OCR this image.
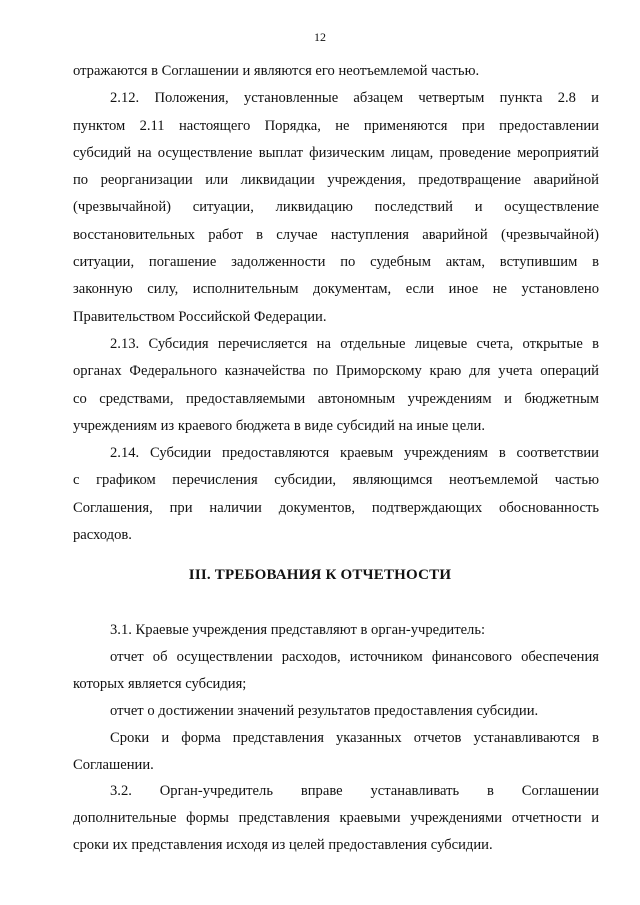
12
отражаются в Соглашении и являются его неотъемлемой частью.
2.12. Положения, установленные абзацем четвертым пункта 2.8 и
пунктом 2.11 настоящего Порядка, не применяются при предоставлении
субсидий на осуществление выплат физическим лицам, проведение мероприятий
по реорганизации или ликвидации учреждения, предотвращение аварийной
(чрезвычайной) ситуации, ликвидацию последствий и осуществление
восстановительных работ в случае наступления аварийной (чрезвычайной)
ситуации, погашение задолженности по судебным актам, вступившим в
законную силу, исполнительным документам, если иное не установлено
Правительством Российской Федерации.
2.13. Субсидия перечисляется на отдельные лицевые счета, открытые в
органах Федерального казначейства по Приморскому краю для учета операций
со средствами, предоставляемыми автономным учреждениям и бюджетным
учреждениям из краевого бюджета в виде субсидий на иные цели.
2.14. Субсидии предоставляются краевым учреждениям в соответствии
с графиком перечисления субсидии, являющимся неотъемлемой частью
Соглашения, при наличии документов, подтверждающих обоснованность
расходов.
III. ТРЕБОВАНИЯ К ОТЧЕТНОСТИ
3.1. Краевые учреждения представляют в орган-учредитель:
отчет об осуществлении расходов, источником финансового обеспечения
которых является субсидия;
отчет о достижении значений результатов предоставления субсидии.
Сроки и форма представления указанных отчетов устанавливаются в
Соглашении.
3.2. Орган-учредитель вправе устанавливать в Соглашении
дополнительные формы представления краевыми учреждениями отчетности и
сроки их представления исходя из целей предоставления субсидии.
